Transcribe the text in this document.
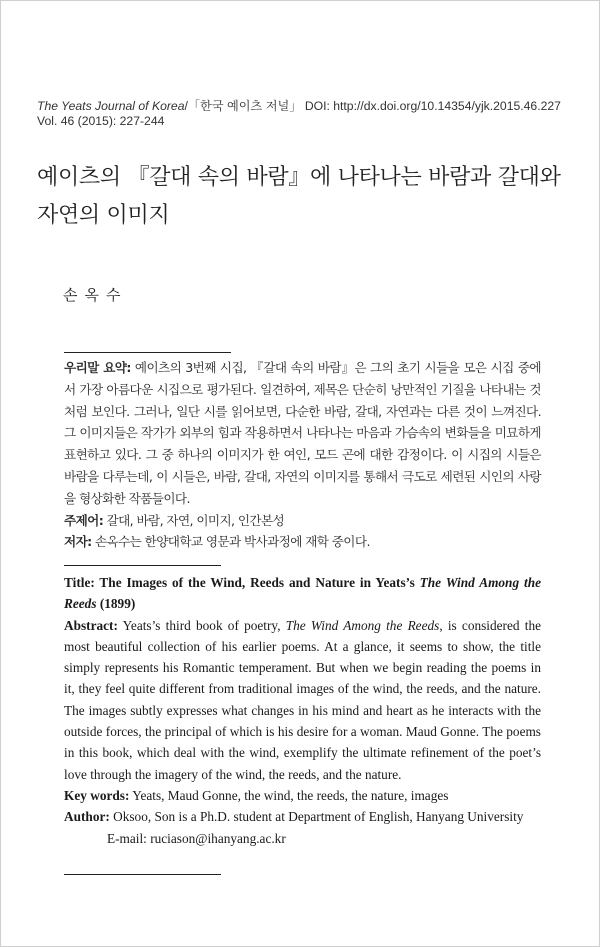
The Yeats Journal of Korea/「한국 예이츠 저널」 DOI: http://dx.doi.org/10.14354/yjk.2015.46.227
Vol. 46 (2015): 227-244
예이츠의 『갈대 속의 바람』에 나타나는 바람과 갈대와
자연의 이미지
손옥수

우리말 요약: 예이츠의 3번째 시집, 『갈대 속의 바람』은 그의 초기 시들을 모은 시집 중에서 가장 아름다운 시집으로 평가된다. 일견하여, 제목은 단순히 낭만적인 기질을 나타내는 것처럼 보인다. 그러나, 일단 시를 읽어보면, 다순한 바람, 갈대, 자연과는 다른 것이 느껴진다. 그 이미지들은 작가가 외부의 힘과 작용하면서 나타나는 마음과 가슴속의 변화들을 미묘하게 표현하고 있다. 그 중 하나의 이미지가 한 여인, 모드 곤에 대한 감정이다. 이 시집의 시들은 바람을 다루는데, 이 시들은, 바람, 갈대, 자연의 이미지를 통해서 극도로 세련된 시인의 사랑을 형상화한 작품들이다.

주제어: 갈대, 바람, 자연, 이미지, 인간본성

저자: 손옥수는 한양대학교 영문과 박사과정에 재학 중이다.

Title: The Images of the Wind, Reeds and Nature in Yeats’s The Wind Among the Reeds (1899)

Abstract: Yeats’s third book of poetry, The Wind Among the Reeds, is considered the most beautiful collection of his earlier poems. At a glance, it seems to show, the title simply represents his Romantic temperament. But when we begin reading the poems in it, they feel quite different from traditional images of the wind, the reeds, and the nature. The images subtly expresses what changes in his mind and heart as he interacts with the outside forces, the principal of which is his desire for a woman. Maud Gonne. The poems in this book, which deal with the wind, exemplify the ultimate refinement of the poet’s love through the imagery of the wind, the reeds, and the nature.

Key words: Yeats, Maud Gonne, the wind, the reeds, the nature, images

Author: Oksoo, Son is a Ph.D. student at Department of English, Hanyang University

E-mail: ruciason@ihanyang.ac.kr
